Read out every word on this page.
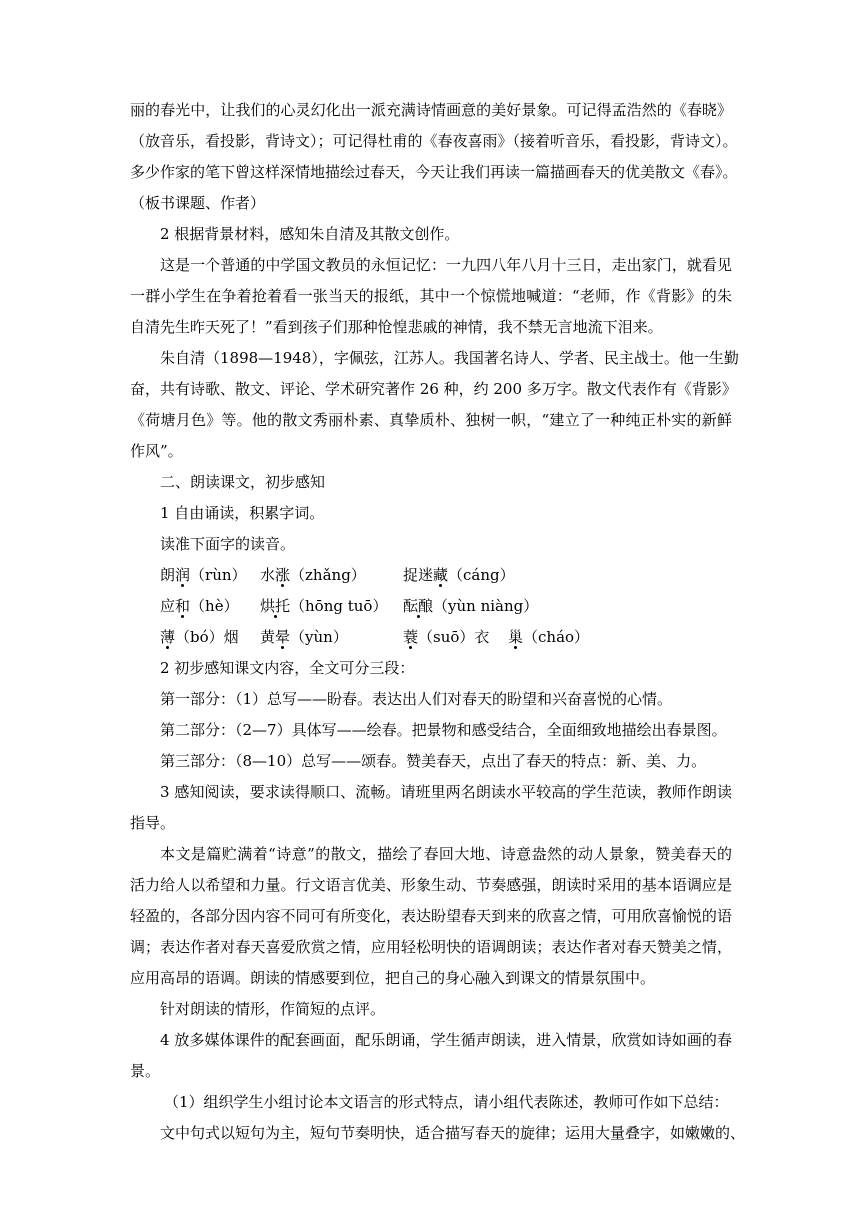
丽的春光中，让我们的心灵幻化出一派充满诗情画意的美好景象。可记得孟浩然的《春晓》

（放音乐，看投影，背诗文）；可记得杜甫的《春夜喜雨》（接着听音乐，看投影，背诗文）。

多少作家的笔下曾这样深情地描绘过春天，今天让我们再读一篇描画春天的优美散文《春》。

（板书课题、作者）

2 根据背景材料，感知朱自清及其散文创作。

这是一个普通的中学国文教员的永恒记忆：一九四八年八月十三日，走出家门，就看见

一群小学生在争着抢着看一张当天的报纸，其中一个惊慌地喊道：“老师，作《背影》的朱

自清先生昨天死了！”看到孩子们那种怆惶悲戚的神情，我不禁无言地流下泪来。

朱自清（1898—1948），字佩弦，江苏人。我国著名诗人、学者、民主战士。他一生勤

奋，共有诗歌、散文、评论、学术研究著作 26 种，约 200 多万字。散文代表作有《背影》

《荷塘月色》等。他的散文秀丽朴素、真挚质朴、独树一帜，“建立了一种纯正朴实的新鲜

作风”。

二、朗读课文，初步感知

1 自由诵读，积累字词。

读准下面字的读音。

朗润（rùn） 水涨（zhǎng）	捉迷藏（cáng）
应和（hè）	烘托（hōng tuō）	酝酿（yùn niàng）
薄（bó）烟	黄晕（yùn）	蓑（suō）衣	巢（cháo）

2 初步感知课文内容，全文可分三段：

第一部分：（1）总写——盼春。表达出人们对春天的盼望和兴奋喜悦的心情。

第二部分：（2—7）具体写——绘春。把景物和感受结合，全面细致地描绘出春景图。

第三部分：（8—10）总写——颂春。赞美春天，点出了春天的特点：新、美、力。

3 感知阅读，要求读得顺口、流畅。请班里两名朗读水平较高的学生范读，教师作朗读

指导。

本文是篇贮满着“诗意”的散文，描绘了春回大地、诗意盎然的动人景象，赞美春天的

活力给人以希望和力量。行文语言优美、形象生动、节奏感强，朗读时采用的基本语调应是

轻盈的，各部分因内容不同可有所变化，表达盼望春天到来的欣喜之情，可用欣喜愉悦的语

调；表达作者对春天喜爱欣赏之情，应用轻松明快的语调朗读；表达作者对春天赞美之情，

应用高昂的语调。朗读的情感要到位，把自己的身心融入到课文的情景氛围中。

针对朗读的情形，作简短的点评。

4 放多媒体课件的配套画面，配乐朗诵，学生循声朗读，进入情景，欣赏如诗如画的春

景。

（1）组织学生小组讨论本文语言的形式特点，请小组代表陈述，教师可作如下总结：

文中句式以短句为主，短句节奏明快，适合描写春天的旋律；运用大量叠字，如嫩嫩的、
